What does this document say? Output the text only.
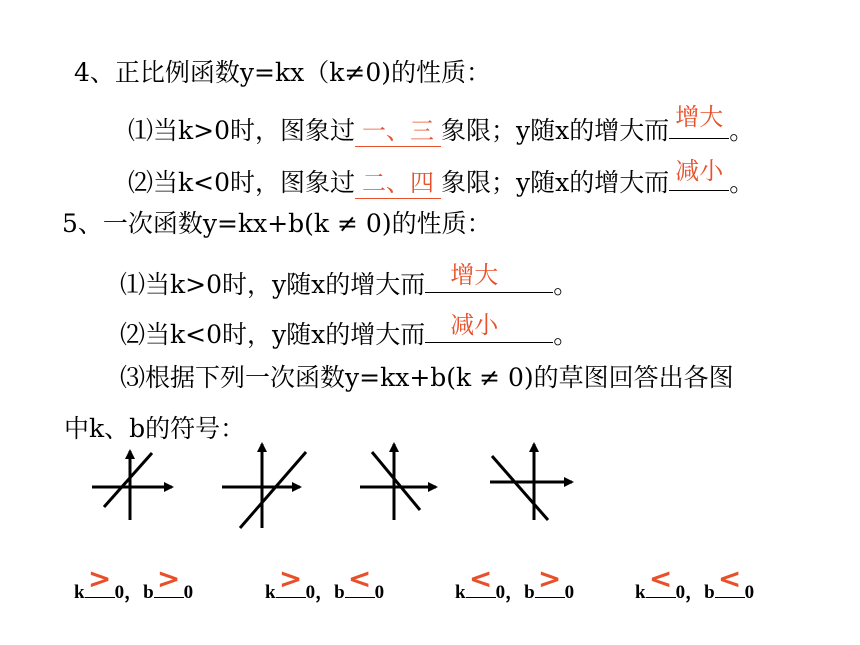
4、正比例函数y=kx（k≠0)的性质：
⑴当k>0时，图象过 一、三 象限；y随x的增大而 增大 。
⑵当k<0时，图象过 二、四 象限；y随x的增大而 减小 。
5、一次函数y=kx+b(k ≠ 0)的性质：
⑴当k>0时，y随x的增大而	增大	。
⑵当k<0时，y随x的增大而	减小	。
⑶根据下列一次函数y=kx+b(k ≠ 0)的草图回答出各图
中k、b的符号：
k > 0，b > 0	k > 0，b < 0	k < 0，b > 0	k < 0，b < 0
